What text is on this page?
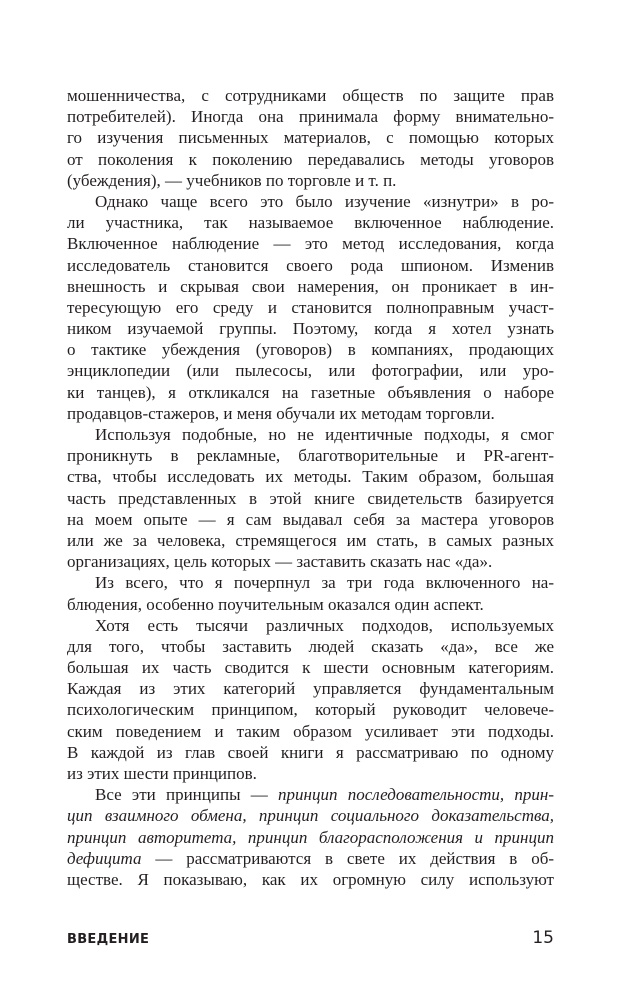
мошенничества, с сотрудниками обществ по защите прав
потребителей). Иногда она принимала форму внимательно-
го изучения письменных материалов, с помощью которых
от поколения к поколению передавались методы уговоров
(убеждения), — учебников по торговле и т. п.
Однако чаще всего это было изучение «изнутри» в ро-
ли участника, так называемое включенное наблюдение.
Включенное наблюдение — это метод исследования, когда
исследователь становится своего рода шпионом. Изменив
внешность и скрывая свои намерения, он проникает в ин-
тересующую его среду и становится полноправным участ-
ником изучаемой группы. Поэтому, когда я хотел узнать
о тактике убеждения (уговоров) в компаниях, продающих
энциклопедии (или пылесосы, или фотографии, или уро-
ки танцев), я откликался на газетные объявления о наборе
продавцов-стажеров, и меня обучали их методам торговли.
Используя подобные, но не идентичные подходы, я смог
проникнуть в рекламные, благотворительные и PR-агент-
ства, чтобы исследовать их методы. Таким образом, большая
часть представленных в этой книге свидетельств базируется
на моем опыте — я сам выдавал себя за мастера уговоров
или же за человека, стремящегося им стать, в самых разных
организациях, цель которых — заставить сказать нас «да».
Из всего, что я почерпнул за три года включенного на-
блюдения, особенно поучительным оказался один аспект.
Хотя есть тысячи различных подходов, используемых
для того, чтобы заставить людей сказать «да», все же
большая их часть сводится к шести основным категориям.
Каждая из этих категорий управляется фундаментальным
психологическим принципом, который руководит человече-
ским поведением и таким образом усиливает эти подходы.
В каждой из глав своей книги я рассматриваю по одному
из этих шести принципов.
Все эти принципы — принцип последовательности, прин-
цип взаимного обмена, принцип социального доказательства,
принцип авторитета, принцип благорасположения и принцип
дефицита — рассматриваются в свете их действия в об-
ществе. Я показываю, как их огромную силу используют
ВВЕДЕНИЕ	15
